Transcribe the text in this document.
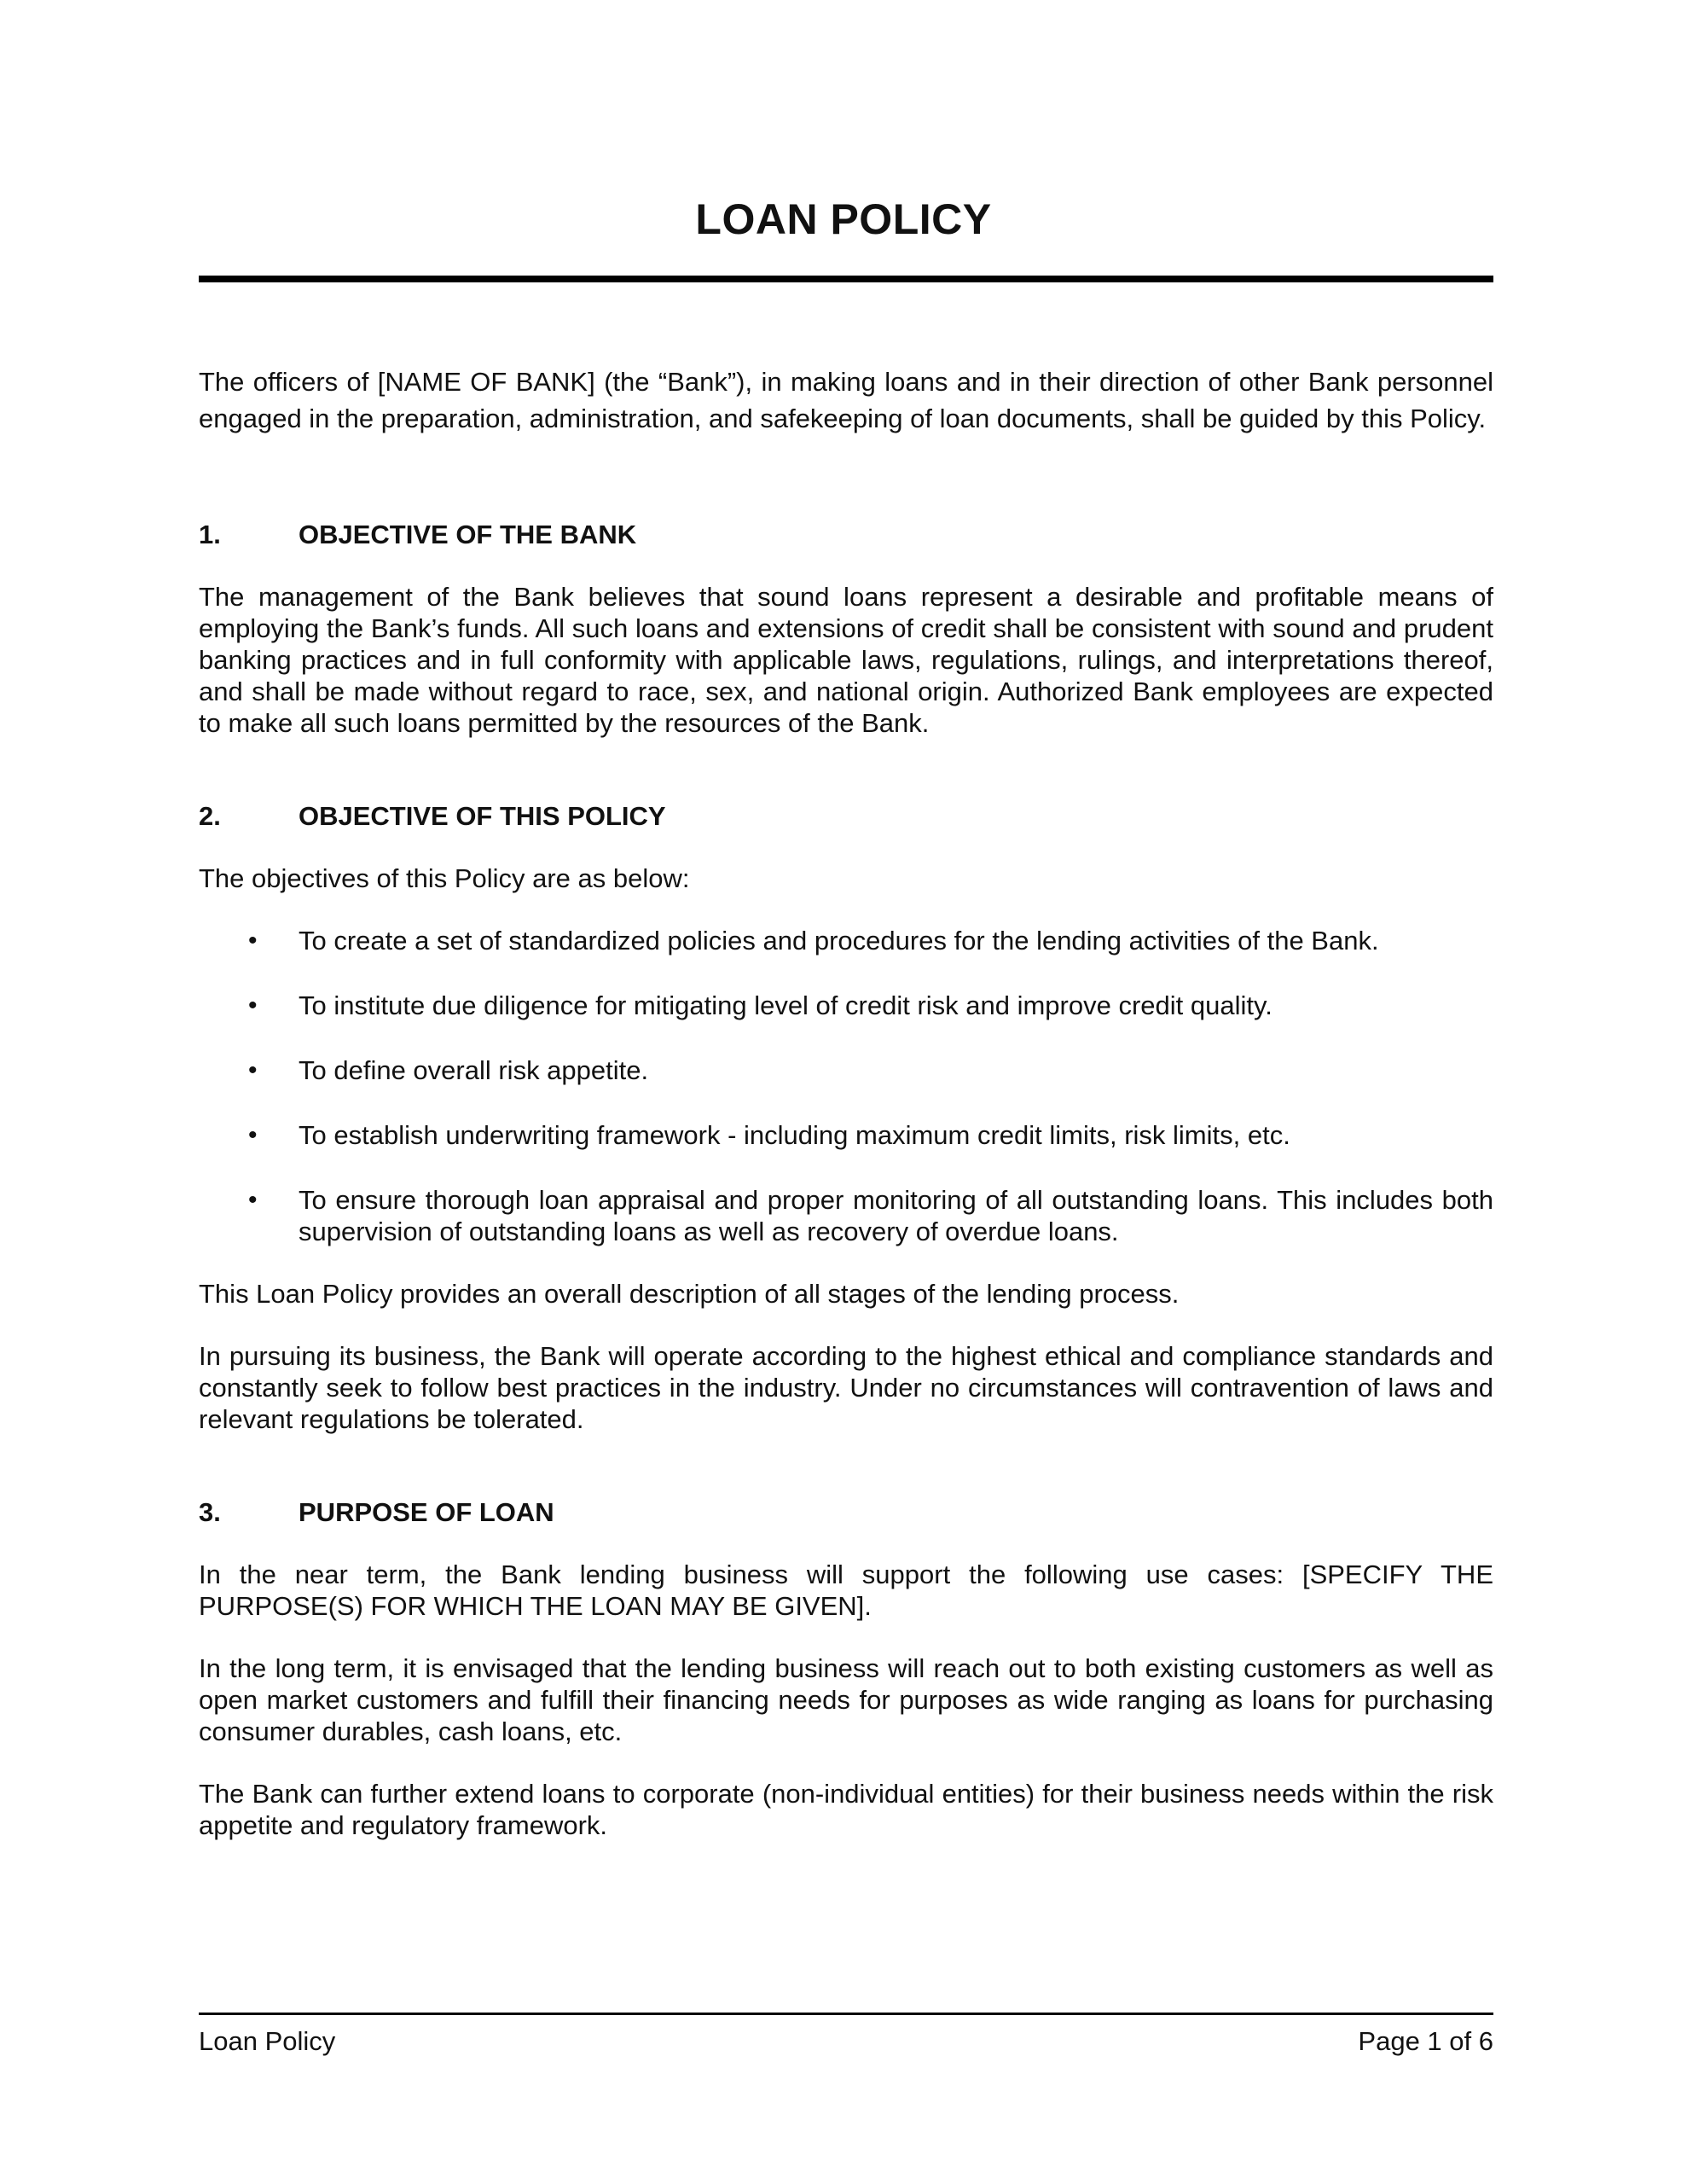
LOAN POLICY

The officers of [NAME OF BANK] (the “Bank”), in making loans and in their direction of other Bank personnel engaged in the preparation, administration, and safekeeping of loan documents, shall be guided by this Policy.

1.	OBJECTIVE OF THE BANK

The management of the Bank believes that sound loans represent a desirable and profitable means of employing the Bank’s funds. All such loans and extensions of credit shall be consistent with sound and prudent banking practices and in full conformity with applicable laws, regulations, rulings, and interpretations thereof, and shall be made without regard to race, sex, and national origin. Authorized Bank employees are expected to make all such loans permitted by the resources of the Bank.

2.	OBJECTIVE OF THIS POLICY

The objectives of this Policy are as below:

•	To create a set of standardized policies and procedures for the lending activities of the Bank.
•	To institute due diligence for mitigating level of credit risk and improve credit quality.
•	To define overall risk appetite.
•	To establish underwriting framework - including maximum credit limits, risk limits, etc.
•	To ensure thorough loan appraisal and proper monitoring of all outstanding loans. This includes both supervision of outstanding loans as well as recovery of overdue loans.

This Loan Policy provides an overall description of all stages of the lending process.

In pursuing its business, the Bank will operate according to the highest ethical and compliance standards and constantly seek to follow best practices in the industry. Under no circumstances will contravention of laws and relevant regulations be tolerated.

3.	PURPOSE OF LOAN

In the near term, the Bank lending business will support the following use cases: [SPECIFY THE PURPOSE(S) FOR WHICH THE LOAN MAY BE GIVEN].

In the long term, it is envisaged that the lending business will reach out to both existing customers as well as open market customers and fulfill their financing needs for purposes as wide ranging as loans for purchasing consumer durables, cash loans, etc.

The Bank can further extend loans to corporate (non-individual entities) for their business needs within the risk appetite and regulatory framework.

Loan Policy	Page 1 of 6
